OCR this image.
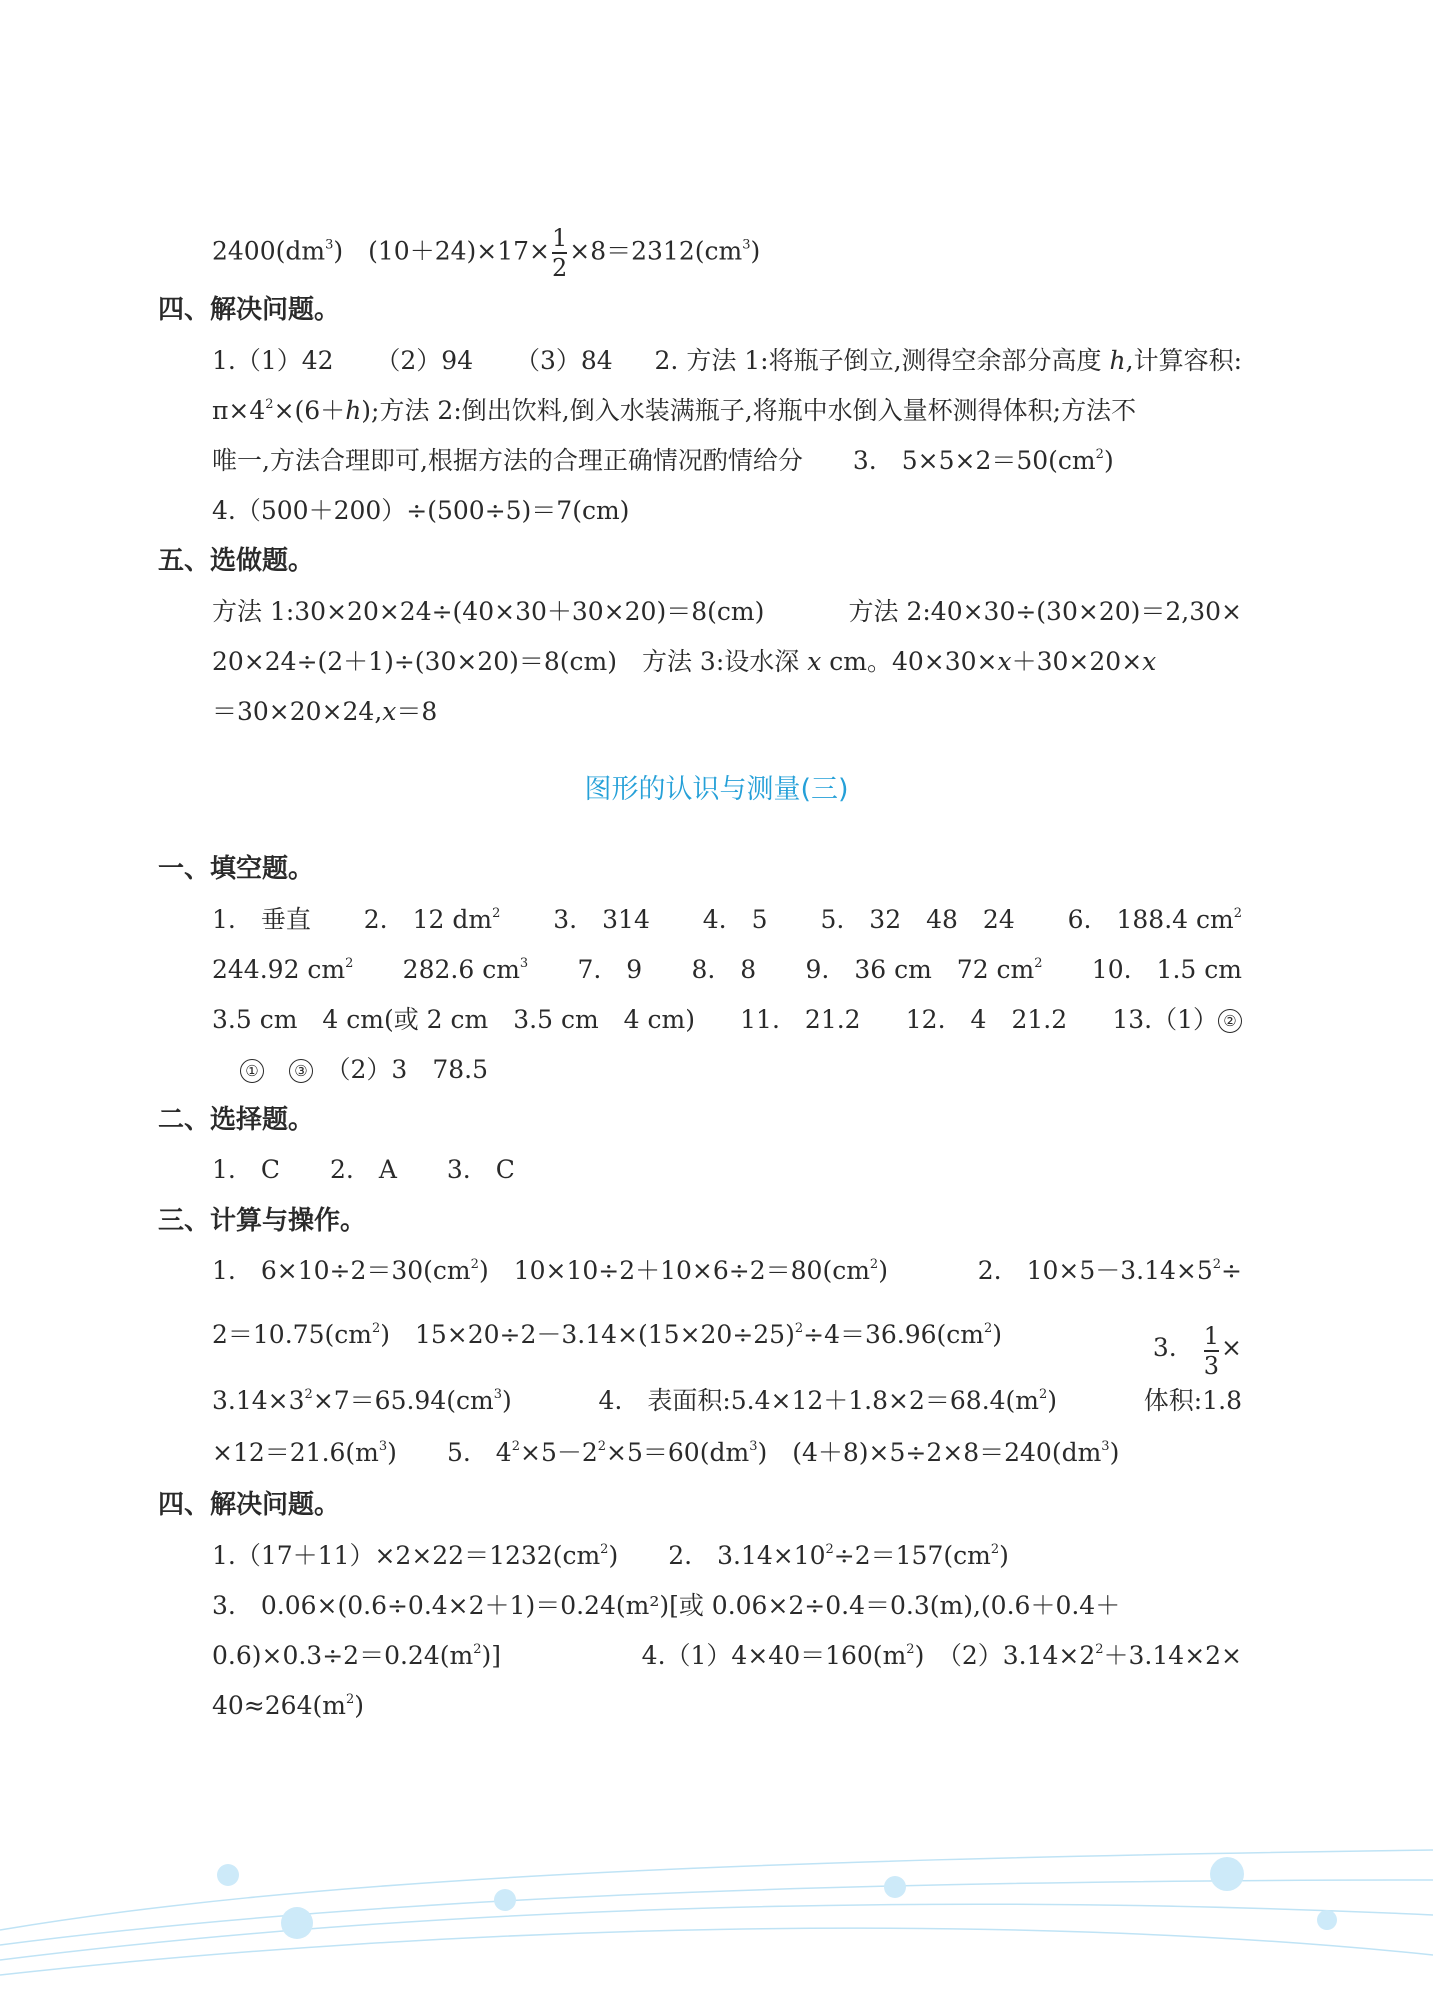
$2400(dm^3)$　$(10+24)\times 17\times \frac{1}{2} \times 8=2312(cm^3)$
四、解决问题。
1.（1）42 （2）94 （3）84 2. 方法 1:将瓶子倒立,测得空余部分高度 h,计算容积:
$\pi\times 4^2\times(6+h)$;方法 2:倒出饮料,倒入水装满瓶子,将瓶中水倒入量杯测得体积;方法不
唯一,方法合理即可,根据方法的合理正确情况酌情给分 3.　$5\times 5\times 2=50(cm^2)$
4.（500＋200）÷(500÷5)＝7(cm)
五、选做题。
方法 1:30×20×24÷(40×30＋30×20)＝8(cm)	方法 2:40×30÷(30×20)＝2,30×
20×24÷(2＋1)÷(30×20)＝8(cm)　方法 3:设水深 x cm。40×30×x＋30×20×x
＝30×20×24,x＝8
图形的认识与测量(三)
一、填空题。
1.　垂直 2.　12 $dm^2$ 3.　314 4.　5 5.　32　48　24 6.　188.4 $cm^2$
244.92 $cm^2$ 282.6 $cm^3$ 7.　9 8.　8 9.　36 cm　72 $cm^2$ 10.　1.5 cm
3.5 cm　4 cm(或 2 cm　3.5 cm　4 cm) 11.　21.2 12.　4　21.2 13.（1） ②
①　 ③　 （2）3　78.5
二、选择题。
1.　C　　2.　A　　3.　C
三、计算与操作。
1.　$6\times 10\div 2=30(cm^2)$　$10\times 10\div 2+10\times 6\div 2=80(cm^2)$	2.　$10\times 5-3.14\times 5^2\div$
$2=10.75(cm^2)$　$15\times 20\div 2-3.14\times(15\times 20\div 25)^2\div 4=36.96(cm^2)$	3.　 $\frac{1}{3}$ ×
$3.14\times 3^2\times 7=65.94(cm^3)$	4.　表面积$:5.4\times 12+1.8\times 2=68.4(m^2)$	体积:1.8
$\times 12=21.6(m^3)$　　 5.　$4^2\times 5-2^2\times 5=60(dm^3)$　$(4+8)\times 5\div 2\times 8=240(dm^3)$
四、解决问题。
$1.(17+11)\times 2\times 22=1232(cm^2)$　　 2.　$3.14\times 10^2\div 2=157(cm^2)$
3.　0.06×(0.6÷0.4×2＋1)＝0.24(m²)[或 0.06×2÷0.4＝0.3(m),(0.6＋0.4＋
$0.6)\times 0.3\div 2=0.24(m^2)$]	$4.(1)4\times 40=160(m^2)$　$(2)3.14\times 2^2+3.14\times 2\times$
$40\approx 264(m^2)$
